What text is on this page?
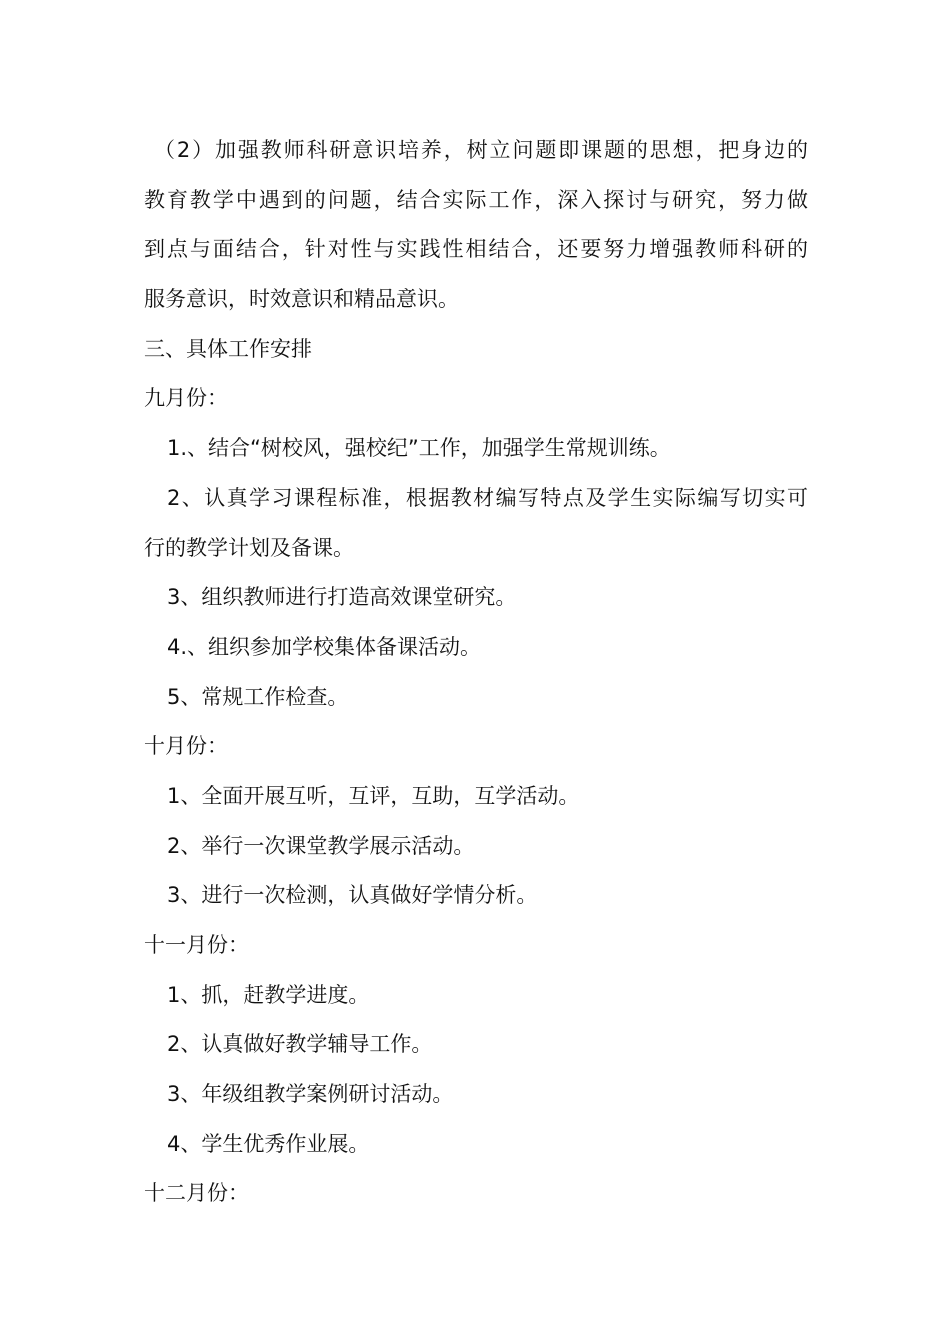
（2）加强教师科研意识培养，树立问题即课题的思想，把身边的
教育教学中遇到的问题，结合实际工作，深入探讨与研究，努力做
到点与面结合，针对性与实践性相结合，还要努力增强教师科研的
服务意识，时效意识和精品意识。
三、具体工作安排
九月份：
1.、结合“树校风，强校纪”工作，加强学生常规训练。
2、认真学习课程标准，根据教材编写特点及学生实际编写切实可
行的教学计划及备课。
3、组织教师进行打造高效课堂研究。
4.、组织参加学校集体备课活动。
5、常规工作检查。
十月份：
1、全面开展互听，互评，互助，互学活动。
2、举行一次课堂教学展示活动。
3、进行一次检测，认真做好学情分析。
十一月份：
1、抓，赶教学进度。
2、认真做好教学辅导工作。
3、年级组教学案例研讨活动。
4、学生优秀作业展。
十二月份：
